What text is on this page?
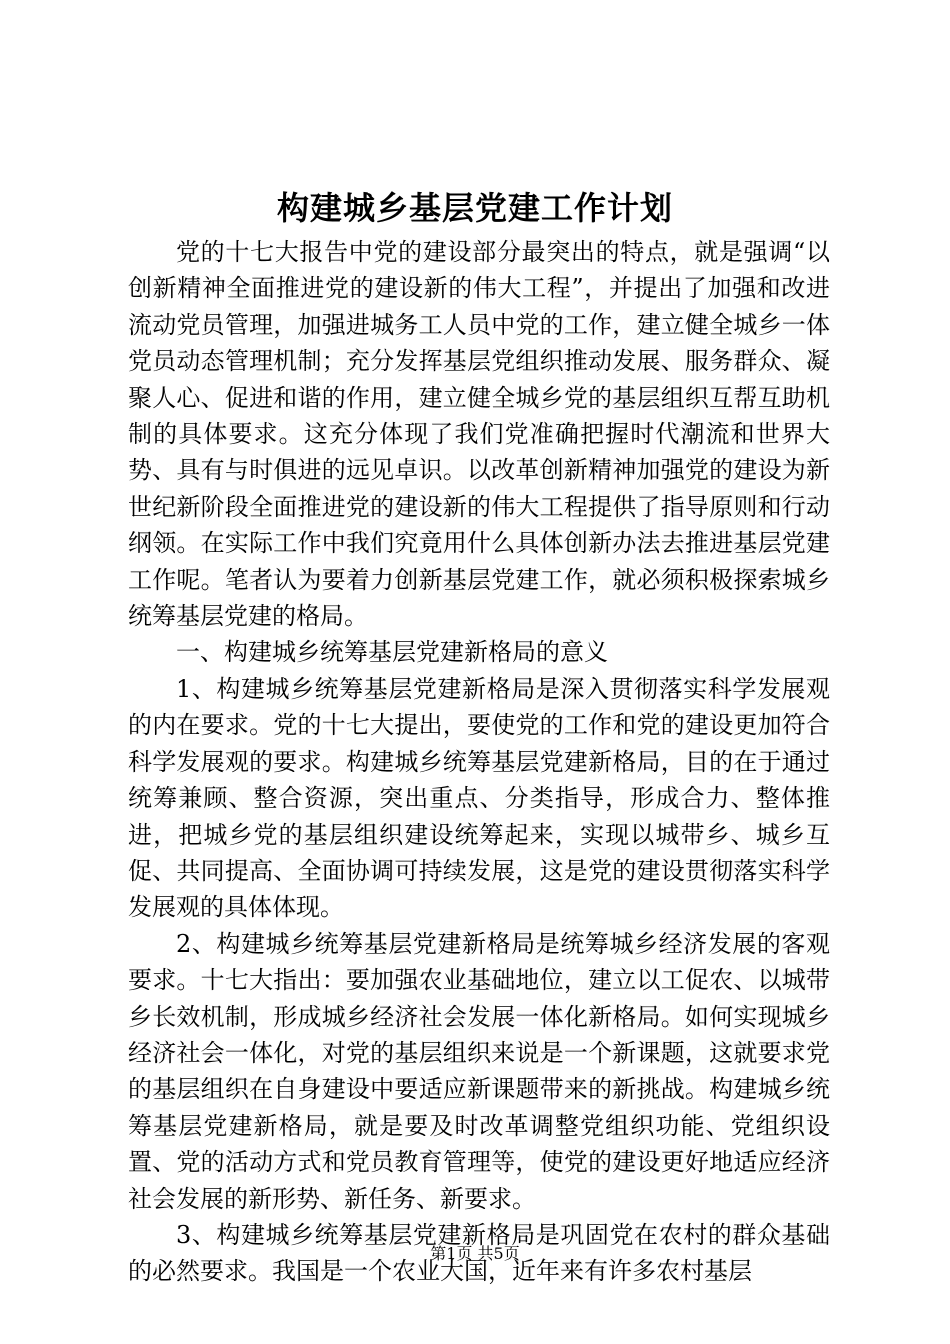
构建城乡基层党建工作计划

党的十七大报告中党的建设部分最突出的特点，就是强调“以创新精神全面推进党的建设新的伟大工程”，并提出了加强和改进流动党员管理，加强进城务工人员中党的工作，建立健全城乡一体党员动态管理机制；充分发挥基层党组织推动发展、服务群众、凝聚人心、促进和谐的作用，建立健全城乡党的基层组织互帮互助机制的具体要求。这充分体现了我们党准确把握时代潮流和世界大势、具有与时俱进的远见卓识。以改革创新精神加强党的建设为新世纪新阶段全面推进党的建设新的伟大工程提供了指导原则和行动纲领。在实际工作中我们究竟用什么具体创新办法去推进基层党建工作呢。笔者认为要着力创新基层党建工作，就必须积极探索城乡统筹基层党建的格局。

一、构建城乡统筹基层党建新格局的意义

1、构建城乡统筹基层党建新格局是深入贯彻落实科学发展观的内在要求。党的十七大提出，要使党的工作和党的建设更加符合科学发展观的要求。构建城乡统筹基层党建新格局，目的在于通过统筹兼顾、整合资源，突出重点、分类指导，形成合力、整体推进，把城乡党的基层组织建设统筹起来，实现以城带乡、城乡互促、共同提高、全面协调可持续发展，这是党的建设贯彻落实科学发展观的具体体现。

2、构建城乡统筹基层党建新格局是统筹城乡经济发展的客观要求。十七大指出：要加强农业基础地位，建立以工促农、以城带乡长效机制，形成城乡经济社会发展一体化新格局。如何实现城乡经济社会一体化，对党的基层组织来说是一个新课题，这就要求党的基层组织在自身建设中要适应新课题带来的新挑战。构建城乡统筹基层党建新格局，就是要及时改革调整党组织功能、党组织设置、党的活动方式和党员教育管理等，使党的建设更好地适应经济社会发展的新形势、新任务、新要求。

3、构建城乡统筹基层党建新格局是巩固党在农村的群众基础的必然要求。我国是一个农业大国，近年来有许多农村基层

第1页 共5页
